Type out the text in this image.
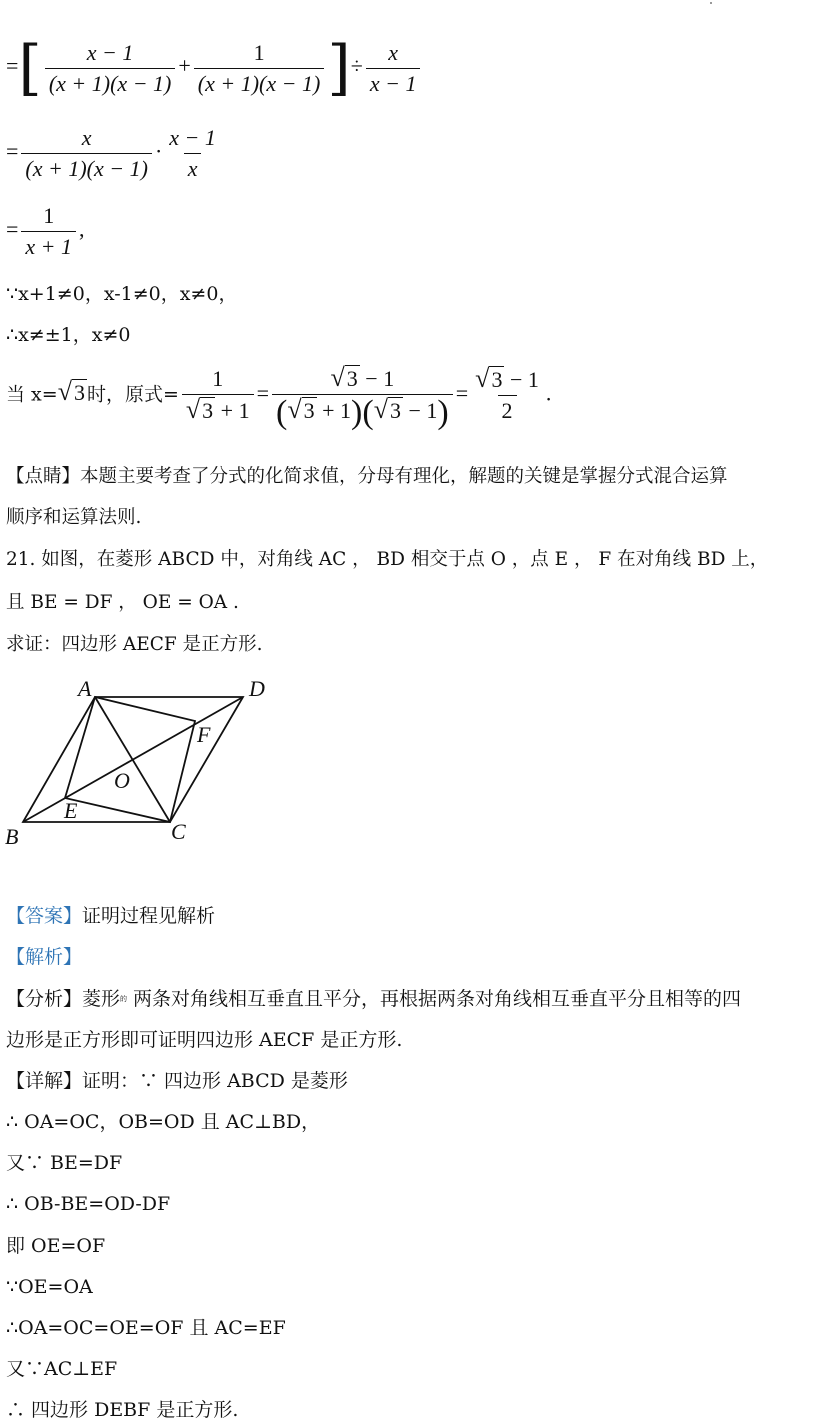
=[ $\frac{x - 1}{(x + 1)(x - 1)} + \frac{1}{(x + 1)(x - 1)}$ ]÷ $\frac{x}{x - 1}$
= $\frac{x}{(x + 1)(x - 1)} \cdot \frac{x - 1}{x}$
= $\frac{1}{x + 1}$ ,
∵x+1≠0，x-1≠0，x≠0，
∴x≠±1，x≠0
当 x=√3 时，原式= $\frac{1}{√3 + 1} = \frac{√3 - 1}{(√3 + 1)(√3 - 1)} = \frac{√3 - 1}{2}$ .
【点睛】本题主要考查了分式的化简求值，分母有理化，解题的关键是掌握分式混合运算
顺序和运算法则.
21. 如图，在菱形 ABCD 中，对角线 AC ， BD 相交于点 O ，点 E ， F 在对角线 BD 上，
且 BE = DF ， OE = OA .
求证：四边形 AECF 是正方形.
A	D
F
O
E
B	C
【答案】证明过程见解析
【解析】
【分析】菱形$^的$ 两条对角线相互垂直且平分，再根据两条对角线相互垂直平分且相等的四
边形是正方形即可证明四边形 AECF 是正方形.
【详解】证明：∵ 四边形 ABCD 是菱形
∴ OA=OC，OB=OD 且 AC⊥BD，
又∵ BE=DF
∴ OB-BE=OD-DF
即 OE=OF
∵OE=OA
∴OA=OC=OE=OF 且 AC=EF
又∵AC⊥EF
∴ 四边形 DEBF 是正方形.
